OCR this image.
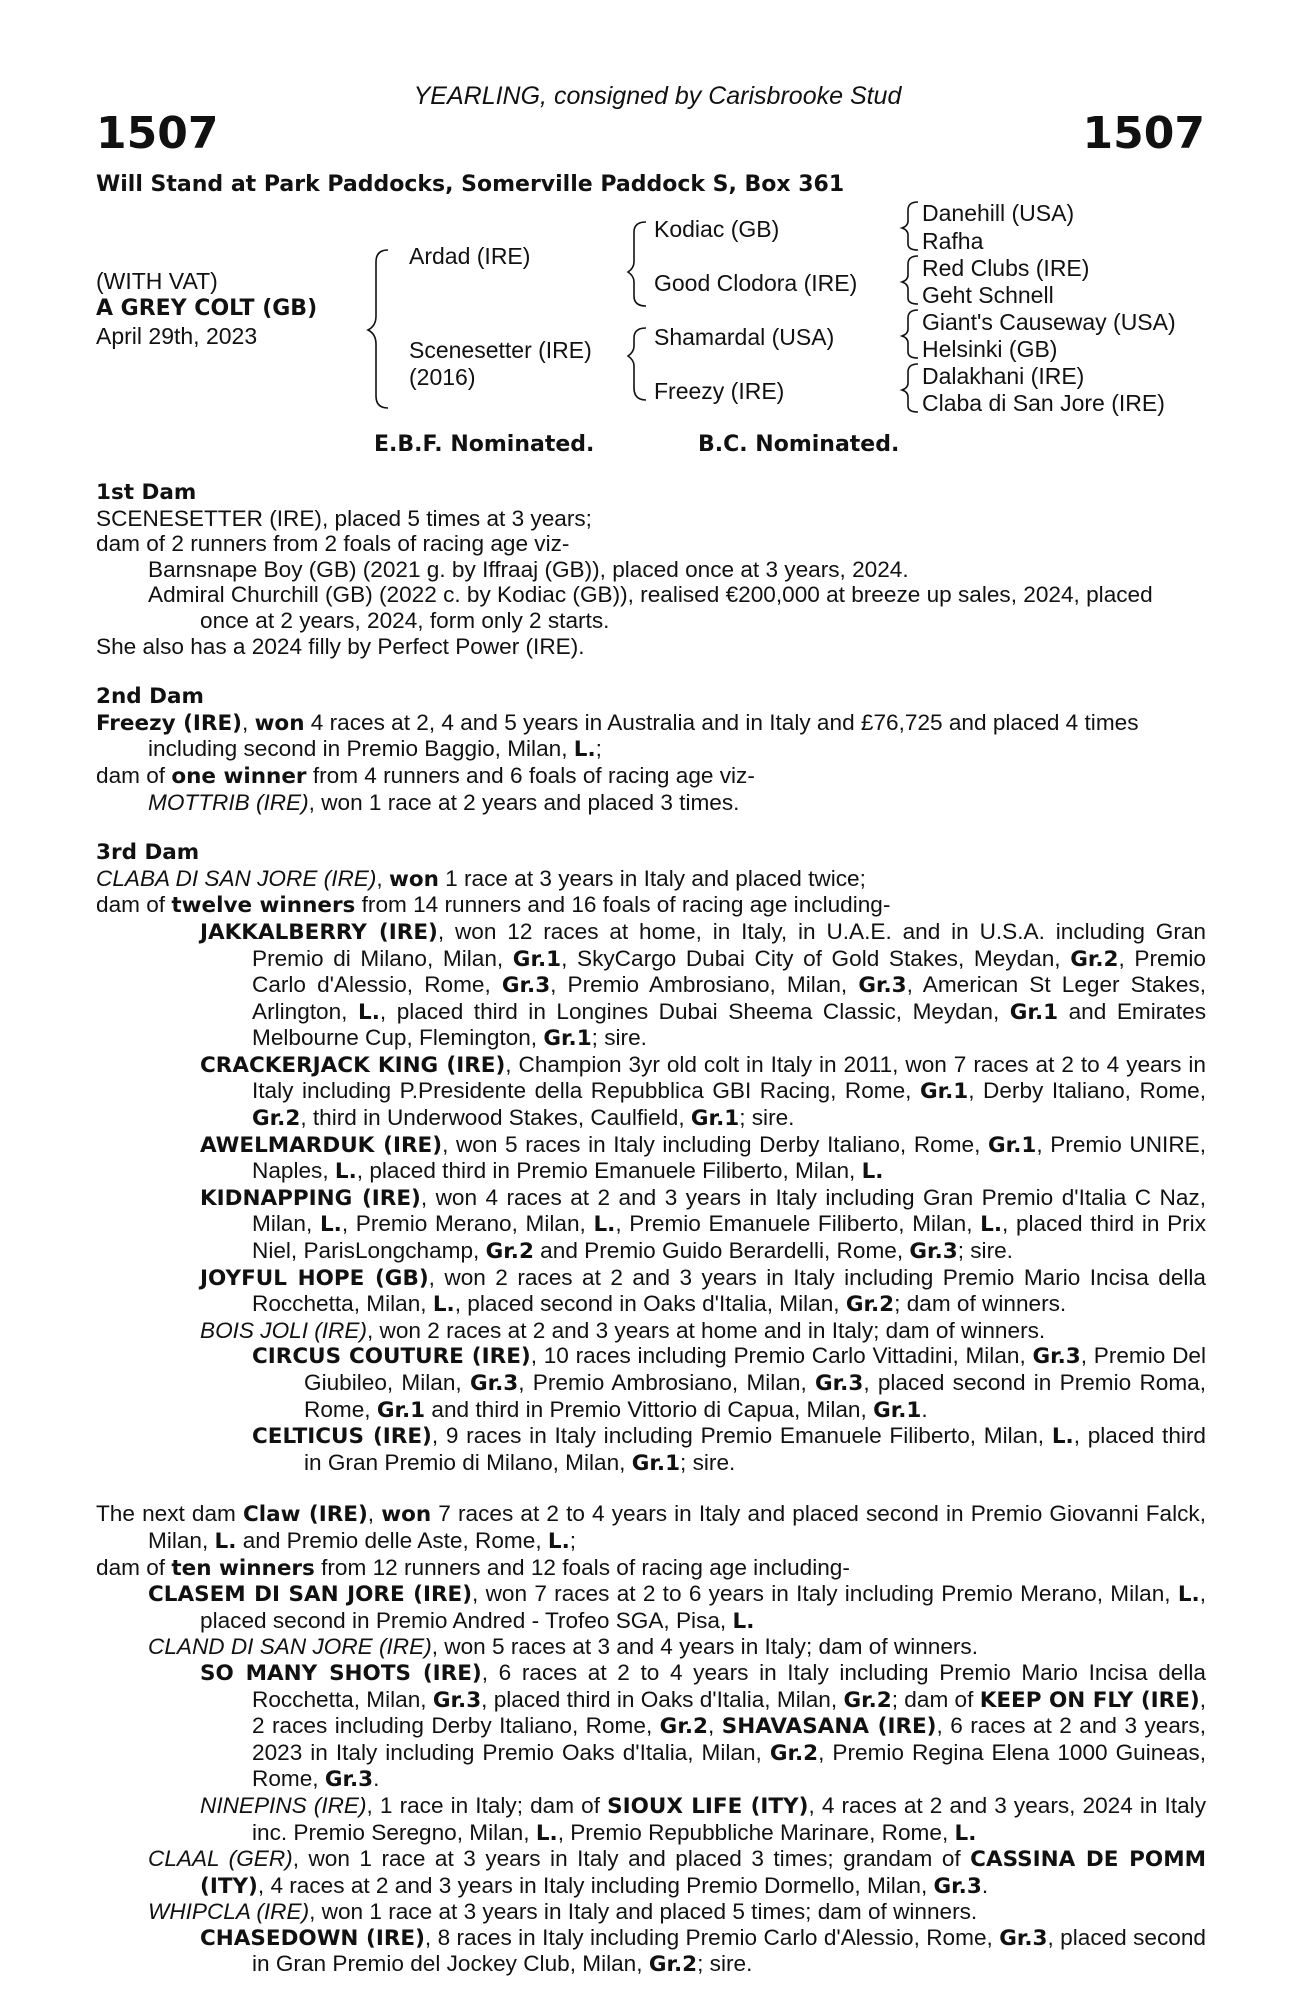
YEARLING, consigned by Carisbrooke Stud
1507	1507
Will Stand at Park Paddocks, Somerville Paddock S, Box 361
(WITH VAT)
A GREY COLT (GB)
April 29th, 2023
Ardad (IRE)
Scenesetter (IRE)
(2016)
Kodiac (GB)
Good Clodora (IRE)
Shamardal (USA)
Freezy (IRE)
Danehill (USA)
Rafha
Red Clubs (IRE)
Geht Schnell
Giant's Causeway (USA)
Helsinki (GB)
Dalakhani (IRE)
Claba di San Jore (IRE)
E.B.F. Nominated.	B.C. Nominated.
1st Dam
SCENESETTER (IRE), placed 5 times at 3 years;
dam of 2 runners from 2 foals of racing age viz-
Barnsnape Boy (GB) (2021 g. by Iffraaj (GB)), placed once at 3 years, 2024.
Admiral Churchill (GB) (2022 c. by Kodiac (GB)), realised €200,000 at breeze up sales, 2024, placed once at 2 years, 2024, form only 2 starts.
She also has a 2024 filly by Perfect Power (IRE).
2nd Dam
Freezy (IRE), won 4 races at 2, 4 and 5 years in Australia and in Italy and £76,725 and placed 4 times including second in Premio Baggio, Milan, L.;
dam of one winner from 4 runners and 6 foals of racing age viz-
MOTTRIB (IRE), won 1 race at 2 years and placed 3 times.
3rd Dam
CLABA DI SAN JORE (IRE), won 1 race at 3 years in Italy and placed twice;
dam of twelve winners from 14 runners and 16 foals of racing age including-
JAKKALBERRY (IRE), won 12 races at home, in Italy, in U.A.E. and in U.S.A. including Gran Premio di Milano, Milan, Gr.1, SkyCargo Dubai City of Gold Stakes, Meydan, Gr.2, Premio Carlo d'Alessio, Rome, Gr.3, Premio Ambrosiano, Milan, Gr.3, American St Leger Stakes, Arlington, L., placed third in Longines Dubai Sheema Classic, Meydan, Gr.1 and Emirates Melbourne Cup, Flemington, Gr.1; sire.
CRACKERJACK KING (IRE), Champion 3yr old colt in Italy in 2011, won 7 races at 2 to 4 years in Italy including P.Presidente della Repubblica GBI Racing, Rome, Gr.1, Derby Italiano, Rome, Gr.2, third in Underwood Stakes, Caulfield, Gr.1; sire.
AWELMARDUK (IRE), won 5 races in Italy including Derby Italiano, Rome, Gr.1, Premio UNIRE, Naples, L., placed third in Premio Emanuele Filiberto, Milan, L.
KIDNAPPING (IRE), won 4 races at 2 and 3 years in Italy including Gran Premio d'Italia C Naz, Milan, L., Premio Merano, Milan, L., Premio Emanuele Filiberto, Milan, L., placed third in Prix Niel, ParisLongchamp, Gr.2 and Premio Guido Berardelli, Rome, Gr.3; sire.
JOYFUL HOPE (GB), won 2 races at 2 and 3 years in Italy including Premio Mario Incisa della Rocchetta, Milan, L., placed second in Oaks d'Italia, Milan, Gr.2; dam of winners.
BOIS JOLI (IRE), won 2 races at 2 and 3 years at home and in Italy; dam of winners.
CIRCUS COUTURE (IRE), 10 races including Premio Carlo Vittadini, Milan, Gr.3, Premio Del Giubileo, Milan, Gr.3, Premio Ambrosiano, Milan, Gr.3, placed second in Premio Roma, Rome, Gr.1 and third in Premio Vittorio di Capua, Milan, Gr.1.
CELTICUS (IRE), 9 races in Italy including Premio Emanuele Filiberto, Milan, L., placed third in Gran Premio di Milano, Milan, Gr.1; sire.
The next dam Claw (IRE), won 7 races at 2 to 4 years in Italy and placed second in Premio Giovanni Falck, Milan, L. and Premio delle Aste, Rome, L.;
dam of ten winners from 12 runners and 12 foals of racing age including-
CLASEM DI SAN JORE (IRE), won 7 races at 2 to 6 years in Italy including Premio Merano, Milan, L., placed second in Premio Andred - Trofeo SGA, Pisa, L.
CLAND DI SAN JORE (IRE), won 5 races at 3 and 4 years in Italy; dam of winners.
SO MANY SHOTS (IRE), 6 races at 2 to 4 years in Italy including Premio Mario Incisa della Rocchetta, Milan, Gr.3, placed third in Oaks d'Italia, Milan, Gr.2; dam of KEEP ON FLY (IRE), 2 races including Derby Italiano, Rome, Gr.2, SHAVASANA (IRE), 6 races at 2 and 3 years, 2023 in Italy including Premio Oaks d'Italia, Milan, Gr.2, Premio Regina Elena 1000 Guineas, Rome, Gr.3.
NINEPINS (IRE), 1 race in Italy; dam of SIOUX LIFE (ITY), 4 races at 2 and 3 years, 2024 in Italy inc. Premio Seregno, Milan, L., Premio Repubbliche Marinare, Rome, L.
CLAAL (GER), won 1 race at 3 years in Italy and placed 3 times; grandam of CASSINA DE POMM (ITY), 4 races at 2 and 3 years in Italy including Premio Dormello, Milan, Gr.3.
WHIPCLA (IRE), won 1 race at 3 years in Italy and placed 5 times; dam of winners.
CHASEDOWN (IRE), 8 races in Italy including Premio Carlo d'Alessio, Rome, Gr.3, placed second in Gran Premio del Jockey Club, Milan, Gr.2; sire.
